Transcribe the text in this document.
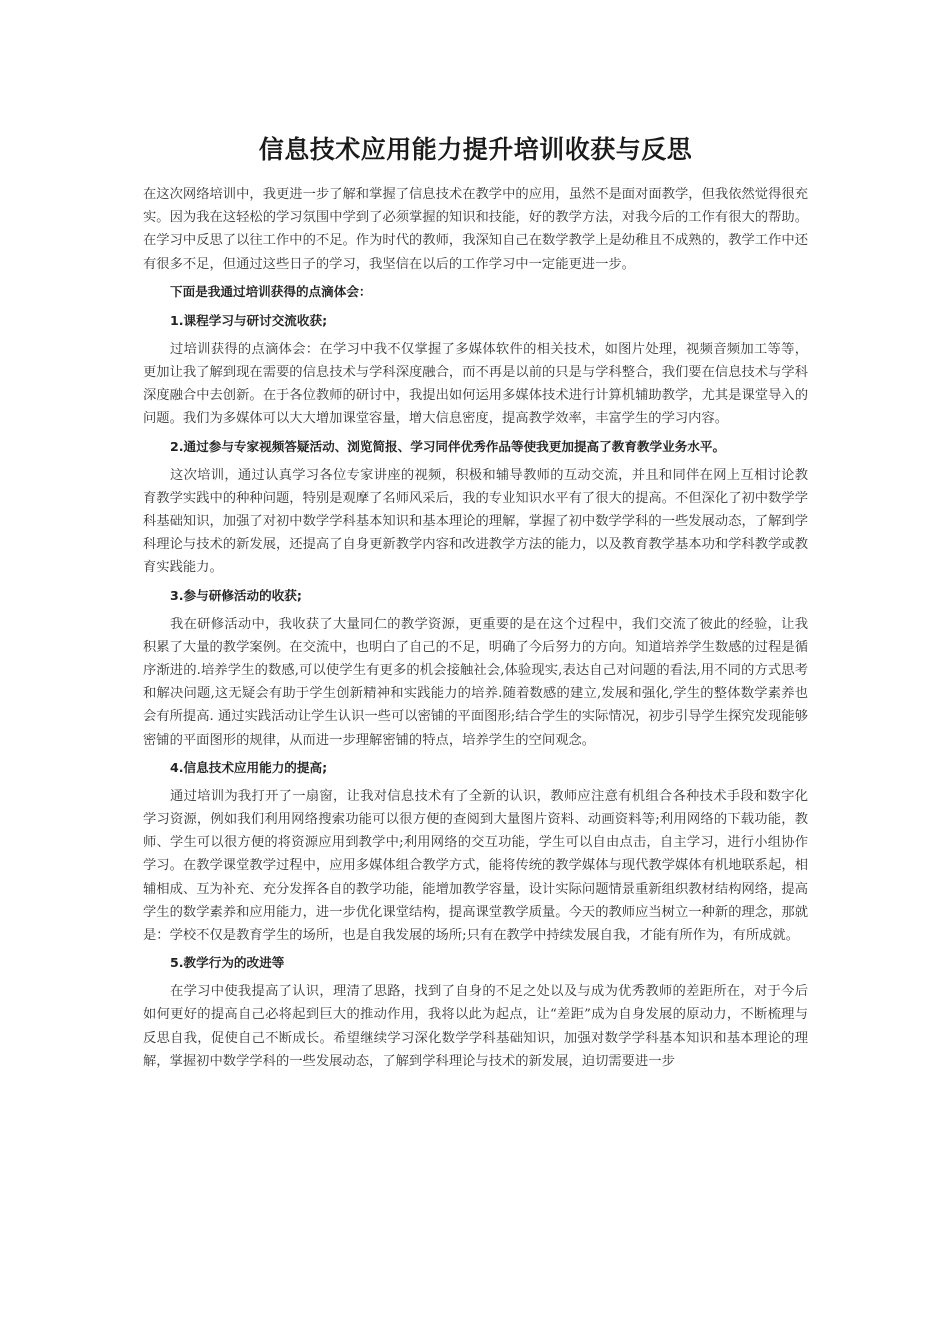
信息技术应用能力提升培训收获与反思

在这次网络培训中，我更进一步了解和掌握了信息技术在教学中的应用，虽然不是面对面教学，但我依然觉得很充实。因为我在这轻松的学习氛围中学到了必须掌握的知识和技能，好的教学方法，对我今后的工作有很大的帮助。在学习中反思了以往工作中的不足。作为时代的教师，我深知自己在数学教学上是幼稚且不成熟的，教学工作中还有很多不足，但通过这些日子的学习，我坚信在以后的工作学习中一定能更进一步。

下面是我通过培训获得的点滴体会：
1.课程学习与研讨交流收获;

过培训获得的点滴体会：在学习中我不仅掌握了多媒体软件的相关技术，如图片处理，视频音频加工等等，更加让我了解到现在需要的信息技术与学科深度融合，而不再是以前的只是与学科整合，我们要在信息技术与学科深度融合中去创新。在于各位教师的研讨中，我提出如何运用多媒体技术进行计算机辅助教学，尤其是课堂导入的问题。我们为多媒体可以大大增加课堂容量，增大信息密度，提高教学效率，丰富学生的学习内容。

2.通过参与专家视频答疑活动、浏览简报、学习同伴优秀作品等使我更加提高了教育教学业务水平。

这次培训，通过认真学习各位专家讲座的视频，积极和辅导教师的互动交流，并且和同伴在网上互相讨论教育教学实践中的种种问题，特别是观摩了名师风采后，我的专业知识水平有了很大的提高。不但深化了初中数学学科基础知识，加强了对初中数学学科基本知识和基本理论的理解，掌握了初中数学学科的一些发展动态，了解到学科理论与技术的新发展，还提高了自身更新教学内容和改进教学方法的能力，以及教育教学基本功和学科教学或教育实践能力。

3.参与研修活动的收获;

我在研修活动中，我收获了大量同仁的教学资源，更重要的是在这个过程中，我们交流了彼此的经验，让我积累了大量的教学案例。在交流中，也明白了自己的不足，明确了今后努力的方向。知道培养学生数感的过程是循序渐进的.培养学生的数感,可以使学生有更多的机会接触社会,体验现实,表达自己对问题的看法,用不同的方式思考和解决问题,这无疑会有助于学生创新精神和实践能力的培养.随着数感的建立,发展和强化,学生的整体数学素养也会有所提高. 通过实践活动让学生认识一些可以密铺的平面图形;结合学生的实际情况，初步引导学生探究发现能够密铺的平面图形的规律，从而进一步理解密铺的特点，培养学生的空间观念。

4.信息技术应用能力的提高;

通过培训为我打开了一扇窗，让我对信息技术有了全新的认识，教师应注意有机组合各种技术手段和数字化学习资源，例如我们利用网络搜索功能可以很方便的查阅到大量图片资料、动画资料等;利用网络的下载功能，教师、学生可以很方便的将资源应用到教学中;利用网络的交互功能，学生可以自由点击，自主学习，进行小组协作学习。在教学课堂教学过程中，应用多媒体组合教学方式，能将传统的教学媒体与现代教学媒体有机地联系起，相辅相成、互为补充、充分发挥各自的教学功能，能增加教学容量，设计实际问题情景重新组织教材结构网络，提高学生的数学素养和应用能力，进一步优化课堂结构，提高课堂教学质量。今天的教师应当树立一种新的理念，那就是：学校不仅是教育学生的场所，也是自我发展的场所;只有在教学中持续发展自我，才能有所作为，有所成就。

5.教学行为的改进等

在学习中使我提高了认识，理清了思路，找到了自身的不足之处以及与成为优秀教师的差距所在，对于今后如何更好的提高自己必将起到巨大的推动作用，我将以此为起点，让“差距”成为自身发展的原动力，不断梳理与反思自我，促使自己不断成长。希望继续学习深化数学学科基础知识，加强对数学学科基本知识和基本理论的理解，掌握初中数学学科的一些发展动态，了解到学科理论与技术的新发展，迫切需要进一步
